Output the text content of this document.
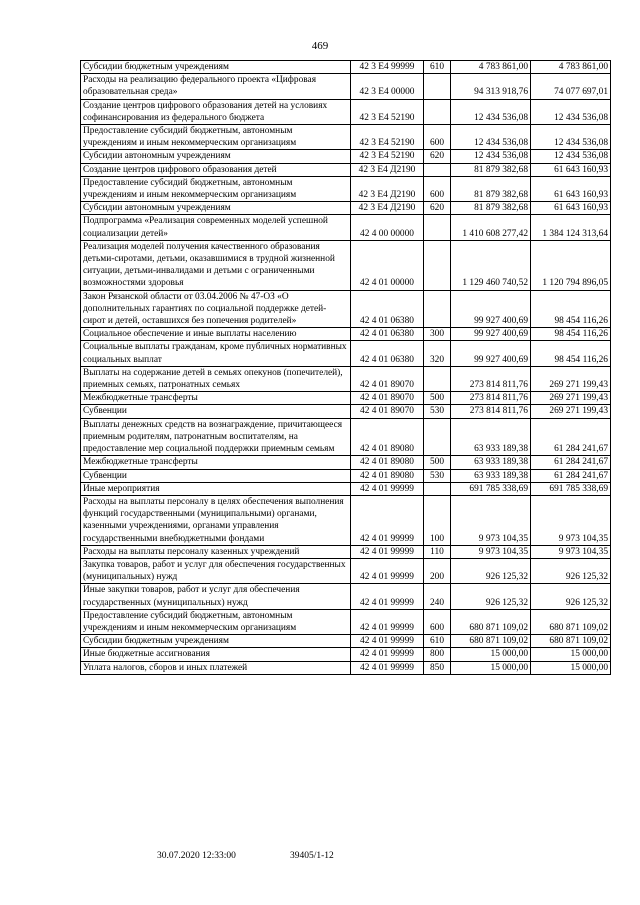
469
Субсидии бюджетным учреждениям	42 3 Е4 99999	610	4 783 861,00	4 783 861,00
Расходы на реализацию федерального проекта «Цифровая образовательная среда»	42 3 Е4 00000		94 313 918,76	74 077 697,01
Создание центров цифрового образования детей на условиях софинансирования из федерального бюджета	42 3 Е4 52190		12 434 536,08	12 434 536,08
Предоставление субсидий бюджетным, автономным учреждениям и иным некоммерческим организациям	42 3 Е4 52190	600	12 434 536,08	12 434 536,08
Субсидии автономным учреждениям	42 3 Е4 52190	620	12 434 536,08	12 434 536,08
Создание центров цифрового образования детей	42 3 Е4 Д2190		81 879 382,68	61 643 160,93
Предоставление субсидий бюджетным, автономным учреждениям и иным некоммерческим организациям	42 3 Е4 Д2190	600	81 879 382,68	61 643 160,93
Субсидии автономным учреждениям	42 3 Е4 Д2190	620	81 879 382,68	61 643 160,93
Подпрограмма «Реализация современных моделей успешной социализации детей»	42 4 00 00000		1 410 608 277,42	1 384 124 313,64
Реализация моделей получения качественного образования детьми-сиротами, детьми, оказавшимися в трудной жизненной ситуации, детьми-инвалидами и детьми с ограниченными возможностями здоровья	42 4 01 00000		1 129 460 740,52	1 120 794 896,05
Закон Рязанской области от 03.04.2006 № 47-ОЗ «О дополнительных гарантиях по социальной поддержке детей-сирот и детей, оставшихся без попечения родителей»	42 4 01 06380		99 927 400,69	98 454 116,26
Социальное обеспечение и иные выплаты населению	42 4 01 06380	300	99 927 400,69	98 454 116,26
Социальные выплаты гражданам, кроме публичных нормативных социальных выплат	42 4 01 06380	320	99 927 400,69	98 454 116,26
Выплаты на содержание детей в семьях опекунов (попечителей), приемных семьях, патронатных семьях	42 4 01 89070		273 814 811,76	269 271 199,43
Межбюджетные трансферты	42 4 01 89070	500	273 814 811,76	269 271 199,43
Субвенции	42 4 01 89070	530	273 814 811,76	269 271 199,43
Выплаты денежных средств на вознаграждение, причитающееся приемным родителям, патронатным воспитателям, на предоставление мер социальной поддержки приемным семьям	42 4 01 89080		63 933 189,38	61 284 241,67
Межбюджетные трансферты	42 4 01 89080	500	63 933 189,38	61 284 241,67
Субвенции	42 4 01 89080	530	63 933 189,38	61 284 241,67
Иные мероприятия	42 4 01 99999		691 785 338,69	691 785 338,69
Расходы на выплаты персоналу в целях обеспечения выполнения функций государственными (муниципальными) органами, казенными учреждениями, органами управления государственными внебюджетными фондами	42 4 01 99999	100	9 973 104,35	9 973 104,35
Расходы на выплаты персоналу казенных учреждений	42 4 01 99999	110	9 973 104,35	9 973 104,35
Закупка товаров, работ и услуг для обеспечения государственных (муниципальных) нужд	42 4 01 99999	200	926 125,32	926 125,32
Иные закупки товаров, работ и услуг для обеспечения государственных (муниципальных) нужд	42 4 01 99999	240	926 125,32	926 125,32
Предоставление субсидий бюджетным, автономным учреждениям и иным некоммерческим организациям	42 4 01 99999	600	680 871 109,02	680 871 109,02
Субсидии бюджетным учреждениям	42 4 01 99999	610	680 871 109,02	680 871 109,02
Иные бюджетные ассигнования	42 4 01 99999	800	15 000,00	15 000,00
Уплата налогов, сборов и иных платежей	42 4 01 99999	850	15 000,00	15 000,00
30.07.2020 12:33:00	39405/1-12
